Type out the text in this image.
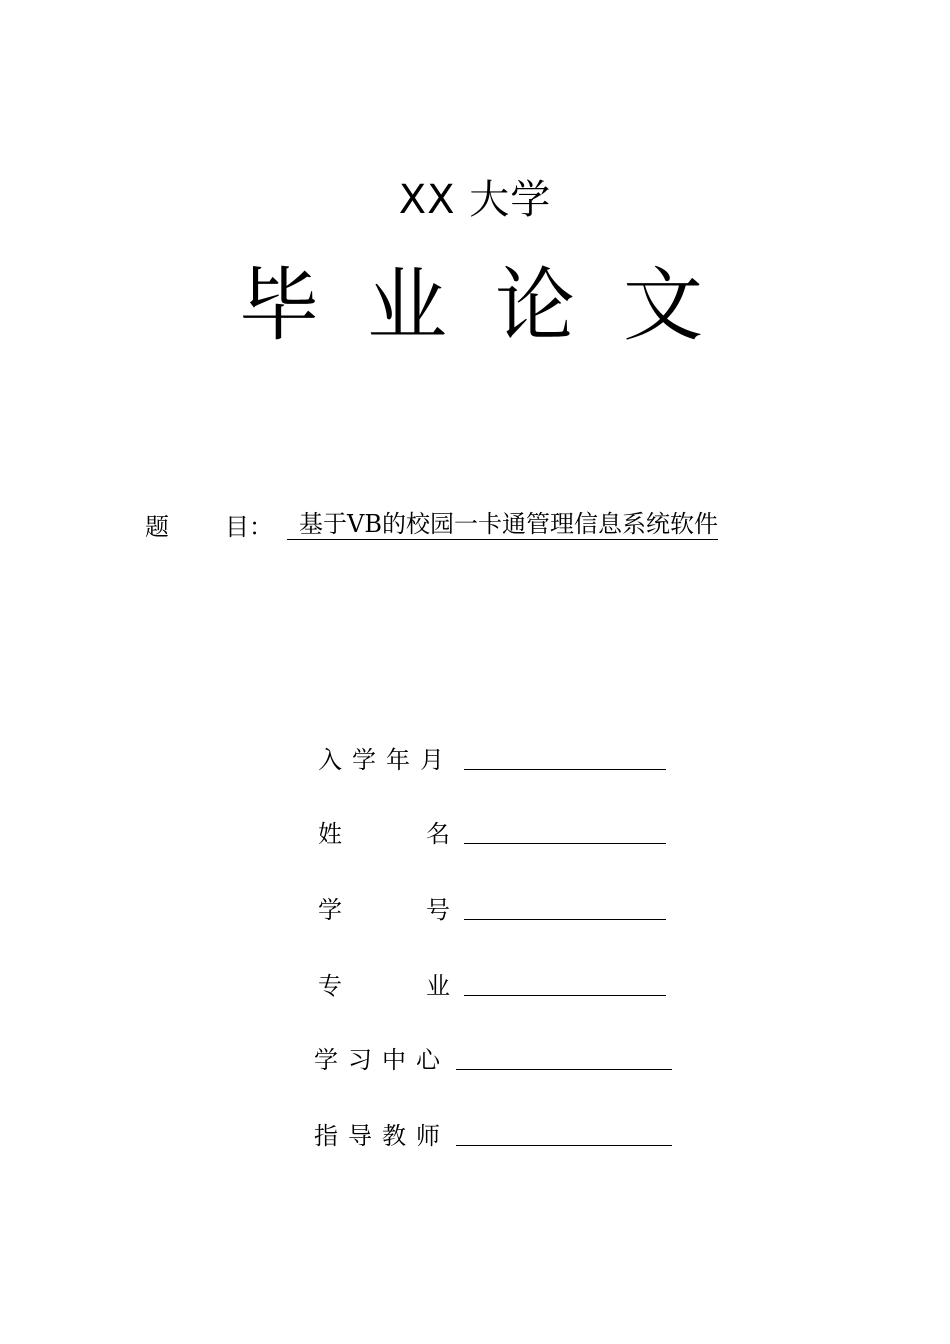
XX 大学
毕业论文
题	目：	基于VB的校园一卡通管理信息系统软件
入学年月
姓名
学号
专业
学习中心
指导教师
